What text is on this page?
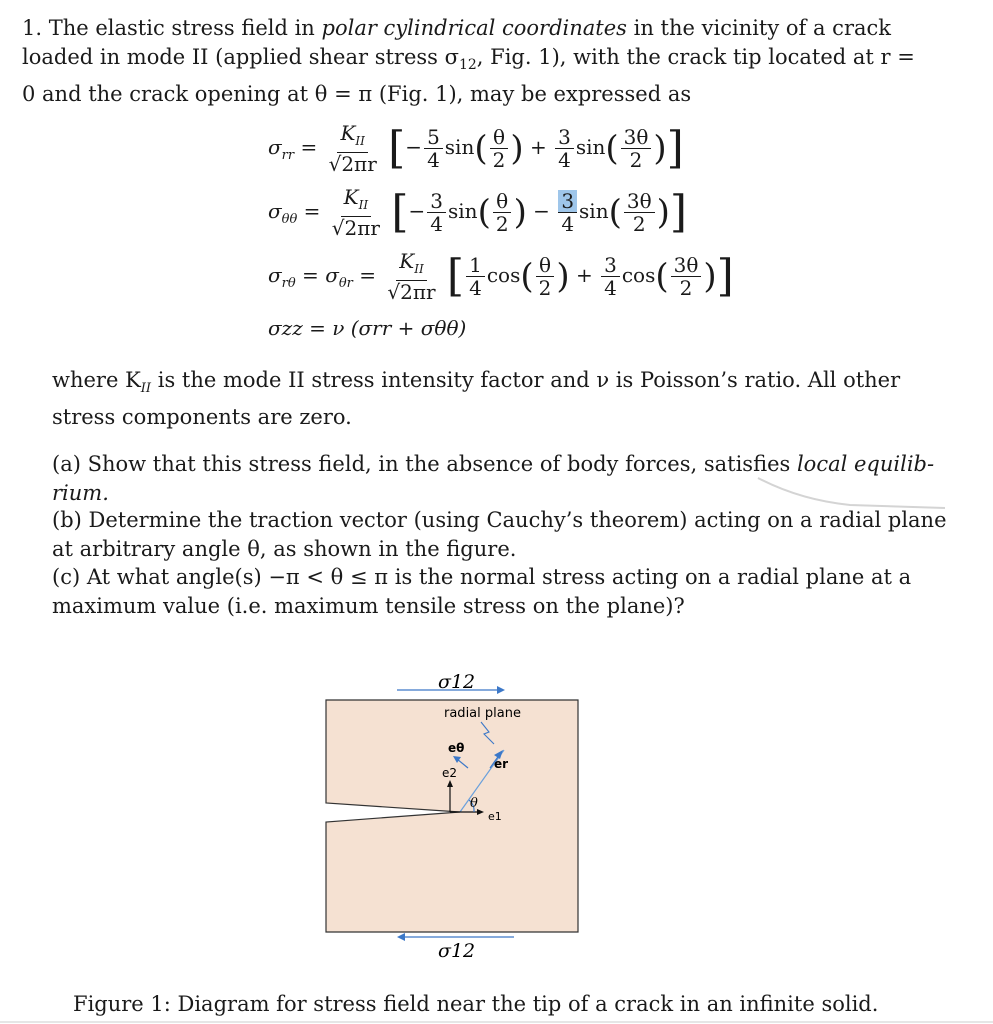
1. The elastic stress field in polar cylindrical coordinates in the vicinity of a crack loaded in mode II (applied shear stress $\sigma_{12}$, Fig. 1), with the crack tip located at r = 0 and the crack opening at θ = π (Fig. 1), may be expressed as
$\sigma_{rr} = \frac{K_{II}}{√2\pi r}$ [− $\frac{5}{4} \sin( \frac{\theta}{2}$ ) + $\frac{3}{4} \sin( \frac{3\theta}{2}$ )]
$\sigma_{\theta\theta} = \frac{K_{II}}{√2\pi r}$ [− $\frac{3}{4} \sin( \frac{\theta}{2}$ ) − $\frac{3}{4} \sin( \frac{3\theta}{2}$ )]
$\sigma_{r\theta} = \sigma_{\theta r} = \frac{K_{II}}{√2\pi r}$ [ $\frac{1}{4} \cos( \frac{\theta}{2}$ ) + $\frac{3}{4} \cos( \frac{3\theta}{2}$ )]
σzz = ν (σrr + σθθ)
where $K_{II}$ is the mode II stress intensity factor and ν is Poisson’s ratio. All other stress components are zero.
(a) Show that this stress field, in the absence of body forces, satisfies local equilib-rium.
(b) Determine the traction vector (using Cauchy’s theorem) acting on a radial plane at arbitrary angle θ, as shown in the figure.
(c) At what angle(s) −π < θ ≤ π is the normal stress acting on a radial plane at a maximum value (i.e. maximum tensile stress on the plane)?
σ12
radial plane
eθ
er
e2
e1
θ
σ12
Figure 1: Diagram for stress field near the tip of a crack in an infinite solid.
